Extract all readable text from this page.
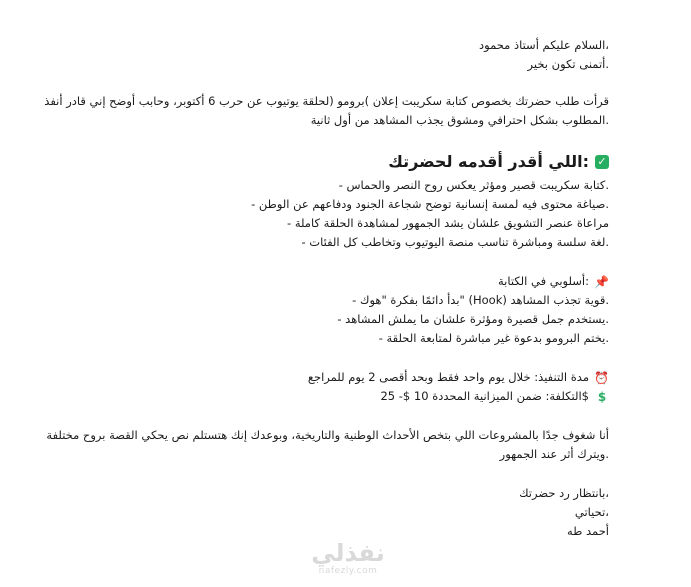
،السلام عليكم أستاذ محمود
.أتمنى تكون بخير
قرأت طلب حضرتك بخصوص كتابة سكريبت إعلان )برومو (لحلقة يوتيوب عن حرب 6 أكتوبر، وحابب أوضح إني قادر أنفذ
.المطلوب بشكل احترافي ومشوق يجذب المشاهد من أول ثانية
✓
:اللي أقدر أقدمه لحضرتك
.كتابة سكريبت قصير ومؤثر يعكس روح النصر والحماس -
.صياغة محتوى فيه لمسة إنسانية توضح شجاعة الجنود ودفاعهم عن الوطن -
مراعاة عنصر التشويق علشان يشد الجمهور لمشاهدة الحلقة كاملة -
.لغة سلسة ومباشرة تناسب منصة اليوتيوب وتخاطب كل الفئات -
📌
:أسلوبي في الكتابة
.قوية تجذب المشاهد (Hook) "بدأ دائمًا بفكرة "هوك -
.يستخدم جمل قصيرة ومؤثرة علشان ما يملش المشاهد -
.يختم البرومو بدعوة غير مباشرة لمتابعة الحلقة -
⏰
مدة التنفيذ: خلال يوم واحد فقط وبحد أقصى 2 يوم للمراجع
$
$التكلفة: ضمن الميزانية المحددة 10 $- 25
أنا شغوف جدًا بالمشروعات اللي بتخص الأحداث الوطنية والتاريخية، وبوعدك إنك هتستلم نص يحكي القصة بروح مختلفة
.ويترك أثر عند الجمهور
،بانتظار رد حضرتك
،تحياتي
أحمد طه
نفذلي
nafezly.com
